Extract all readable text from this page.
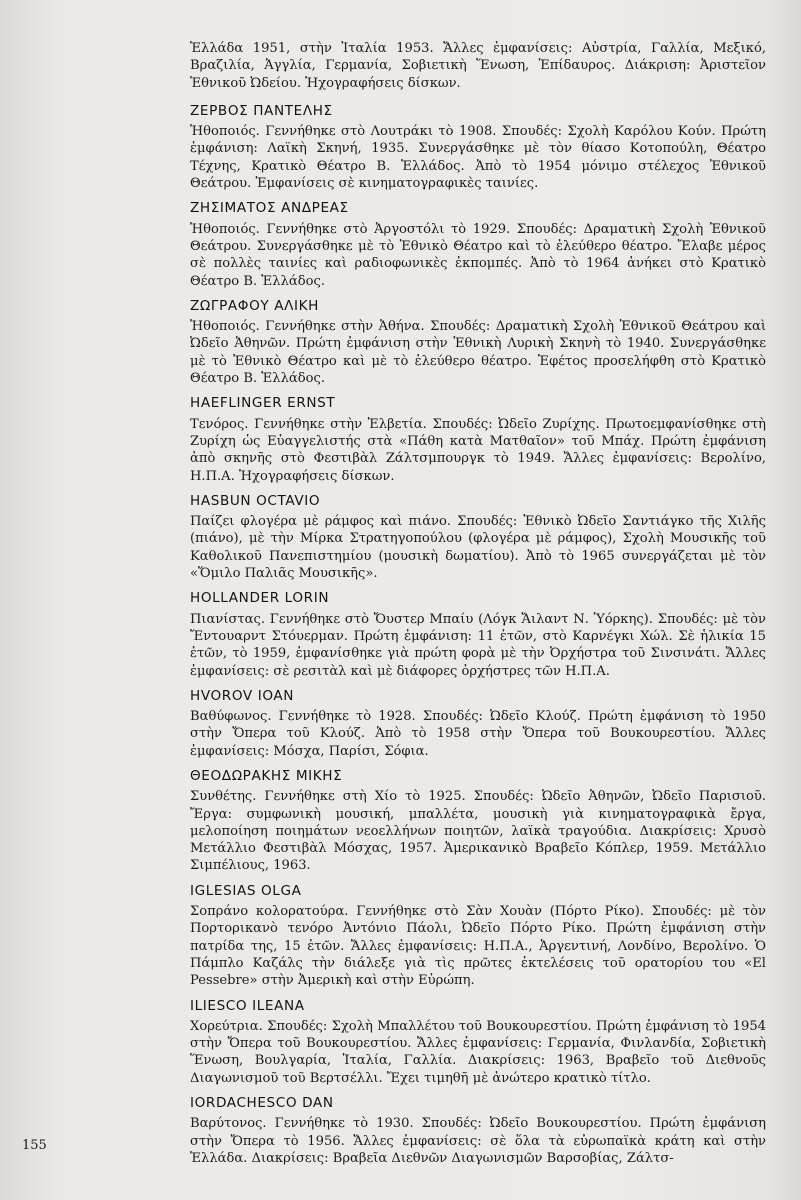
Ἑλλάδα 1951, στὴν Ἰταλία 1953. Ἄλλες ἐμφανίσεις: Αὐστρία, Γαλλία, Μεξικό, Βραζιλία, Ἀγγλία, Γερμανία, Σοβιετικὴ Ἕνωση, Ἐπίδαυρος. Διάκριση: Ἀριστεῖον Ἐθνικοῦ Ὠδείου. Ἠχογραφήσεις δίσκων.

ΖΕΡΒΟΣ ΠΑΝΤΕΛΗΣ

Ἠθοποιός. Γεννήθηκε στὸ Λουτράκι τὸ 1908. Σπουδές: Σχολὴ Καρόλου Κούν. Πρώτη ἐμφάνιση: Λαϊκὴ Σκηνή, 1935. Συνεργάσθηκε μὲ τὸν θίασο Κοτοπούλη, Θέατρο Τέχνης, Κρατικὸ Θέατρο Β. Ἑλλάδος. Ἀπὸ τὸ 1954 μόνιμο στέλεχος Ἐθνικοῦ Θεάτρου. Ἐμφανίσεις σὲ κινηματογραφικὲς ταινίες.

ΖΗΣΙΜΑΤΟΣ ΑΝΔΡΕΑΣ

Ἠθοποιός. Γεννήθηκε στὸ Ἀργοστόλι τὸ 1929. Σπουδές: Δραματικὴ Σχολὴ Ἐθνικοῦ Θεάτρου. Συνεργάσθηκε μὲ τὸ Ἐθνικὸ Θέατρο καὶ τὸ ἐλεύθερο θέατρο. Ἔλαβε μέρος σὲ πολλὲς ταινίες καὶ ραδιοφωνικὲς ἐκπομπές. Ἀπὸ τὸ 1964 ἀνήκει στὸ Κρατικὸ Θέατρο Β. Ἑλλάδος.

ΖΩΓΡΑΦΟΥ ΑΛΙΚΗ

Ἠθοποιός. Γεννήθηκε στὴν Ἀθήνα. Σπουδές: Δραματικὴ Σχολὴ Ἐθνικοῦ Θεάτρου καὶ Ὠδεῖο Ἀθηνῶν. Πρώτη ἐμφάνιση στὴν Ἐθνικὴ Λυρικὴ Σκηνὴ τὸ 1940. Συνεργάσθηκε μὲ τὸ Ἐθνικὸ Θέατρο καὶ μὲ τὸ ἐλεύθερο θέατρο. Ἐφέτος προσελήφθη στὸ Κρατικὸ Θέατρο Β. Ἑλλάδος.

HAEFLINGER ERNST

Τενόρος. Γεννήθηκε στὴν Ἑλβετία. Σπουδές: Ὠδεῖο Ζυρίχης. Πρωτοεμφανίσθηκε στὴ Ζυρίχη ὡς Εὐαγγελιστής στὰ «Πάθη κατὰ Ματθαῖον» τοῦ Μπάχ. Πρώτη ἐμφάνιση ἀπὸ σκηνῆς στὸ Φεστιβὰλ Ζάλτσμπουργκ τὸ 1949. Ἄλλες ἐμφανίσεις: Βερολίνο, Η.Π.Α. Ἠχογραφήσεις δίσκων.

HASBUN OCTAVIO

Παίζει φλογέρα μὲ ράμφος καὶ πιάνο. Σπουδές: Ἐθνικὸ Ὠδεῖο Σαντιάγκο τῆς Χιλῆς (πιάνο), μὲ τὴν Μίρκα Στρατηγοπούλου (φλογέρα μὲ ράμφος), Σχολὴ Μουσικῆς τοῦ Καθολικοῦ Πανεπιστημίου (μουσικὴ δωματίου). Ἀπὸ τὸ 1965 συνεργάζεται μὲ τὸν «Ὅμιλο Παλιᾶς Μουσικῆς».

HOLLANDER LORIN

Πιανίστας. Γεννήθηκε στὸ Ὄυστερ Μπαίυ (Λόγκ Ἄιλαντ Ν. Ὑόρκης). Σπουδές: μὲ τὸν Ἔντουαρντ Στόυερμαν. Πρώτη ἐμφάνιση: 11 ἐτῶν, στὸ Καρνέγκι Χώλ. Σὲ ἡλικία 15 ἐτῶν, τὸ 1959, ἐμφανίσθηκε γιὰ πρώτη φορὰ μὲ τὴν Ὀρχήστρα τοῦ Σινσινάτι. Ἄλλες ἐμφανίσεις: σὲ ρεσιτὰλ καὶ μὲ διάφορες ὀρχήστρες τῶν Η.Π.Α.

HVOROV IOAN

Βαθύφωνος. Γεννήθηκε τὸ 1928. Σπουδές: Ὠδεῖο Κλούζ. Πρώτη ἐμφάνιση τὸ 1950 στὴν Ὄπερα τοῦ Κλούζ. Ἀπὸ τὸ 1958 στὴν Ὄπερα τοῦ Βουκουρεστίου. Ἄλλες ἐμφανίσεις: Μόσχα, Παρίσι, Σόφια.

ΘΕΟΔΩΡΑΚΗΣ ΜΙΚΗΣ

Συνθέτης. Γεννήθηκε στὴ Χίο τὸ 1925. Σπουδές: Ὠδεῖο Ἀθηνῶν, Ὠδεῖο Παρισιοῦ. Ἔργα: συμφωνικὴ μουσική, μπαλλέτα, μουσικὴ γιὰ κινηματογραφικὰ ἔργα, μελοποίηση ποιημάτων νεοελλήνων ποιητῶν, λαϊκὰ τραγούδια. Διακρίσεις: Χρυσὸ Μετάλλιο Φεστιβὰλ Μόσχας, 1957. Ἀμερικανικὸ Βραβεῖο Κόπλερ, 1959. Μετάλλιο Σιμπέλιους, 1963.

IGLESIAS OLGA

Σοπράνο κολορατούρα. Γεννήθηκε στὸ Σὰν Χουὰν (Πόρτο Ρίκο). Σπουδές: μὲ τὸν Πορτορικανὸ τενόρο Ἀντόνιο Πάολι, Ὠδεῖο Πόρτο Ρίκο. Πρώτη ἐμφάνιση στὴν πατρίδα της, 15 ἐτῶν. Ἄλλες ἐμφανίσεις: Η.Π.Α., Ἀργεντινή, Λονδίνο, Βερολίνο. Ὁ Πάμπλο Καζάλς τὴν διάλεξε γιὰ τὶς πρῶτες ἐκτελέσεις τοῦ ορατορίου του «El Pessebre» στὴν Ἀμερικὴ καὶ στὴν Εὐρώπη.

ILIESCO ILEANA

Χορεύτρια. Σπουδές: Σχολὴ Μπαλλέτου τοῦ Βουκουρεστίου. Πρώτη ἐμφάνιση τὸ 1954 στὴν Ὄπερα τοῦ Βουκουρεστίου. Ἄλλες ἐμφανίσεις: Γερμανία, Φινλανδία, Σοβιετικὴ Ἕνωση, Βουλγαρία, Ἰταλία, Γαλλία. Διακρίσεις: 1963, Βραβεῖο τοῦ Διεθνοῦς Διαγωνισμοῦ τοῦ Βερτσέλλι. Ἔχει τιμηθῆ μὲ ἀνώτερο κρατικὸ τίτλο.

IORDACHESCO DAN

Βαρύτονος. Γεννήθηκε τὸ 1930. Σπουδές: Ὠδεῖο Βουκουρεστίου. Πρώτη ἐμφάνιση στὴν Ὄπερα τὸ 1956. Ἄλλες ἐμφανίσεις: σὲ ὅλα τὰ εὐρωπαϊκὰ κράτη καὶ στὴν Ἑλλάδα. Διακρίσεις: Βραβεῖα Διεθνῶν Διαγωνισμῶν Βαρσοβίας, Ζάλτσ-

155
